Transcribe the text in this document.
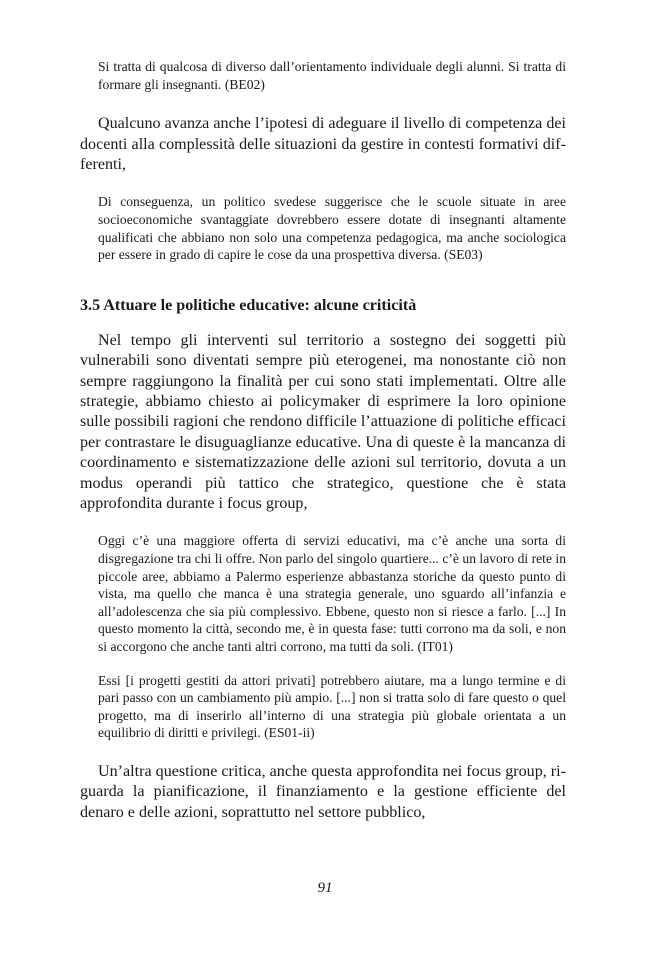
Si tratta di qualcosa di diverso dall’orientamento individuale degli alunni. Si tratta di formare gli insegnanti. (BE02)

Qualcuno avanza anche l’ipotesi di adeguare il livello di competenza dei docenti alla complessità delle situazioni da gestire in contesti formativi differenti,

Di conseguenza, un politico svedese suggerisce che le scuole situate in aree socioeconomiche svantaggiate dovrebbero essere dotate di insegnanti altamente qualificati che abbiano non solo una competenza pedagogica, ma anche sociologica per essere in grado di capire le cose da una prospettiva diversa. (SE03)

3.5 Attuare le politiche educative: alcune criticità

Nel tempo gli interventi sul territorio a sostegno dei soggetti più vulnerabili sono diventati sempre più eterogenei, ma nonostante ciò non sempre raggiungono la finalità per cui sono stati implementati. Oltre alle strategie, abbiamo chiesto ai policymaker di esprimere la loro opinione sulle possibili ragioni che rendono difficile l’attuazione di politiche efficaci per contrastare le disuguaglianze educative. Una di queste è la mancanza di coordinamento e sistematizzazione delle azioni sul territorio, dovuta a un modus operandi più tattico che strategico, questione che è stata approfondita durante i focus group,

Oggi c’è una maggiore offerta di servizi educativi, ma c’è anche una sorta di disgregazione tra chi li offre. Non parlo del singolo quartiere... c’è un lavoro di rete in piccole aree, abbiamo a Palermo esperienze abbastanza storiche da questo punto di vista, ma quello che manca è una strategia generale, uno sguardo all’infanzia e all’adolescenza che sia più complessivo. Ebbene, questo non si riesce a farlo. [...] In questo momento la città, secondo me, è in questa fase: tutti corrono ma da soli, e non si accorgono che anche tanti altri corrono, ma tutti da soli. (IT01)

Essi [i progetti gestiti da attori privati] potrebbero aiutare, ma a lungo termine e di pari passo con un cambiamento più ampio. [...] non si tratta solo di fare questo o quel progetto, ma di inserirlo all’interno di una strategia più globale orientata a un equilibrio di diritti e privilegi. (ES01-ii)

Un’altra questione critica, anche questa approfondita nei focus group, riguarda la pianificazione, il finanziamento e la gestione efficiente del denaro e delle azioni, soprattutto nel settore pubblico,

91
